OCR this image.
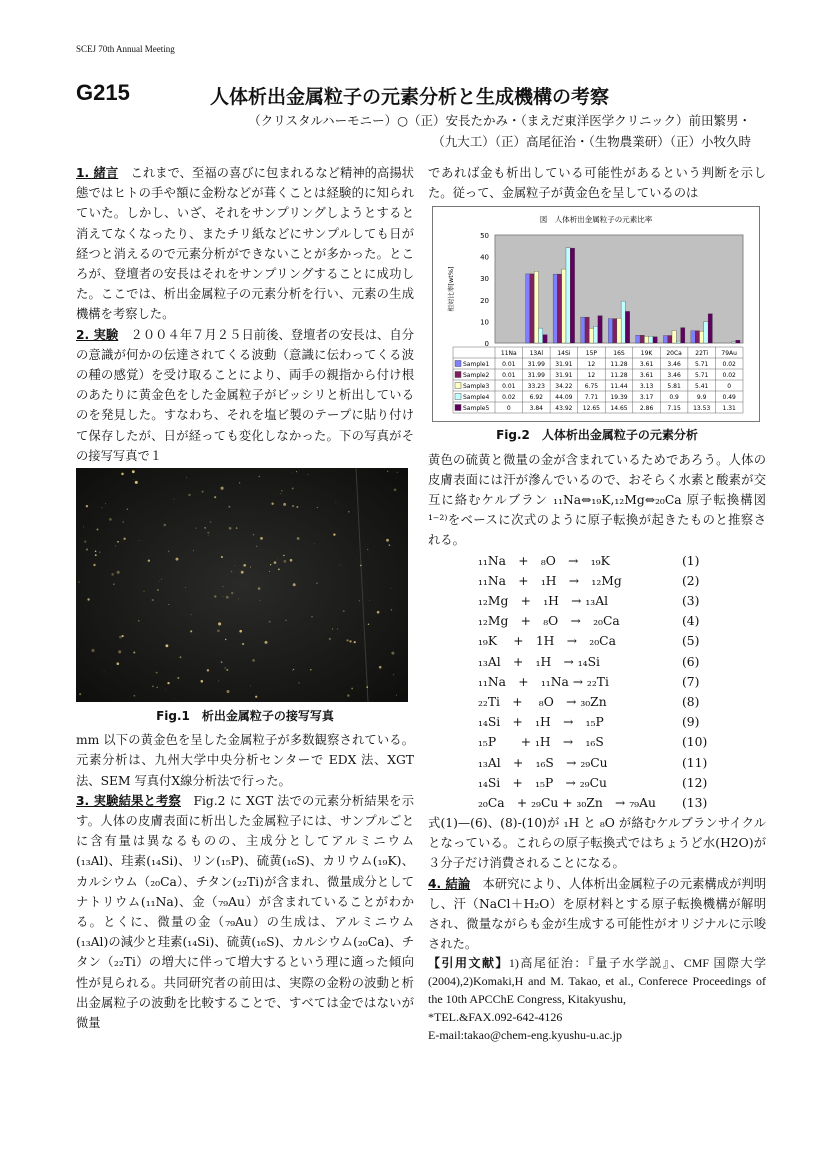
SCEJ 70th Annual Meeting
G215	人体析出金属粒子の元素分析と生成機構の考察
（クリスタルハーモニー）○（正）安長たかみ・（まえだ東洋医学クリニック）前田繁男・
（九大工）（正）高尾征治・（生物農業研）（正）小牧久時

1. 緒言　これまで、至福の喜びに包まれるなど精神的高揚状態ではヒトの手や額に金粉などが葺くことは経験的に知られていた。しかし、いざ、それをサンプリングしようとすると消えてなくなったり、またチリ紙などにサンプルしても日が経つと消えるので元素分析ができないことが多かった。ところが、登壇者の安長はそれをサンプリングすることに成功した。ここでは、析出金属粒子の元素分析を行い、元素の生成機構を考察した。

2. 実験　２００４年７月２５日前後、登壇者の安長は、自分の意識が何かの伝達されてくる波動（意識に伝わってくる波の種の感覚）を受け取ることにより、両手の親指から付け根のあたりに黄金色をした金属粒子がビッシリと析出しているのを発見した。すなわち、それを塩ビ製のテープに貼り付けて保存したが、日が経っても変化しなかった。下の写真がその接写写真で１

Fig.1　析出金属粒子の接写写真

mm 以下の黄金色を呈した金属粒子が多数観察されている。元素分析は、九州大学中央分析センターで EDX 法、XGT 法、SEM 写真付X線分析法で行った。

3. 実験結果と考察　Fig.2 に XGT 法での元素分析結果を示す。人体の皮膚表面に析出した金属粒子には、サンプルごとに含有量は異なるものの、主成分としてアルミニウム(₁₃Al)、珪素(₁₄Si)、リン(₁₅P)、硫黄(₁₆S)、カリウム(₁₉K)、カルシウム（₂₀Ca）、チタン(₂₂Ti)が含まれ、微量成分としてナトリウム(₁₁Na)、金（₇₉Au）が含まれていることがわかる。とくに、微量の金（₇₉Au）の生成は、アルミニウム(₁₃Al)の減少と珪素(₁₄Si)、硫黄(₁₆S)、カルシウム(₂₀Ca)、チタン（₂₂Ti）の増大に伴って増大するという理に適った傾向性が見られる。共同研究者の前田は、実際の金粉の波動と析出金属粒子の波動を比較することで、すべては金ではないが微量

であれば金も析出している可能性があるという判断を示した。従って、金属粒子が黄金色を呈しているのは

図　人体析出金属粒子の元素比率
0
10
20
30
40
50
相対比率[wt%]
11Na 13Al 14Si	15P	16S	19K 20Ca 22Ti 79Au
Sample1 0.01 31.99 31.91	12	11.28 3.61 3.46 5.71 0.02
Sample2 0.01 31.99 31.91	12	11.28 3.61 3.46 5.71 0.02
Sample3 0.01 33.23 34.22 6.75 11.44 3.13 5.81 5.41	0
Sample4 0.02 6.92 44.09 7.71 19.39 3.17	0.9	9.9	0.49
Sample5	0	3.84 43.92 12.65 14.65 2.86 7.15 13.53 1.31
Fig.2　人体析出金属粒子の元素分析

黄色の硫黄と微量の金が含まれているためであろう。人体の皮膚表面には汗が滲んでいるので、おそらく水素と酸素が交互に絡むケルブラン ₁₁Na⇔₁₉K,₁₂Mg⇔₂₀Ca 原子転換構図 ¹⁻²⁾をベースに次式のように原子転換が起きたものと推察される。

₁₁Na　+　₈O　→　₁₉K	(1)
₁₁Na　+　₁H　→　₁₂Mg	(2)
₁₂Mg　+　₁H　→ ₁₃Al	(3)
₁₂Mg　+　₈O　→　₂₀Ca	(4)
₁₉K　 +　1H　→　₂₀Ca	(5)
₁₃Al　+　₁H　→ ₁₄Si	(6)
₁₁Na　+　₁₁Na → ₂₂Ti	(7)
₂₂Ti　+　 ₈O　→ ₃₀Zn	(8)
₁₄Si　+　₁H　→　₁₅P	(9)
₁₅P　　+ ₁H　→　₁₆S	(10)
₁₃Al　+　₁₆S　→ ₂₉Cu	(11)
₁₄Si　+　₁₅P　→ ₂₉Cu	(12)
₂₀Ca　+ ₂₉Cu + ₃₀Zn　→ ₇₉Au (13)

式(1)—(6)、(8)-(10)が ₁H と ₈O が絡むケルブランサイクルとなっている。これらの原子転換式ではちょうど水(H2O)が３分子だけ消費されることになる。

4. 結論　本研究により、人体析出金属粒子の元素構成が判明し、汗（NaCl＋H₂O）を原材料とする原子転換機構が解明され、微量ながらも金が生成する可能性がオリジナルに示唆された。

【引用文献】1)高尾征治：『量子水学説』、CMF 国際大学(2004),2)Komaki,H and M. Takao, et al., Conferece Proceedings of the 10th APCChE Congress, Kitakyushu,

*TEL.&FAX.092-642-4126

E-mail:takao@chem-eng.kyushu-u.ac.jp
